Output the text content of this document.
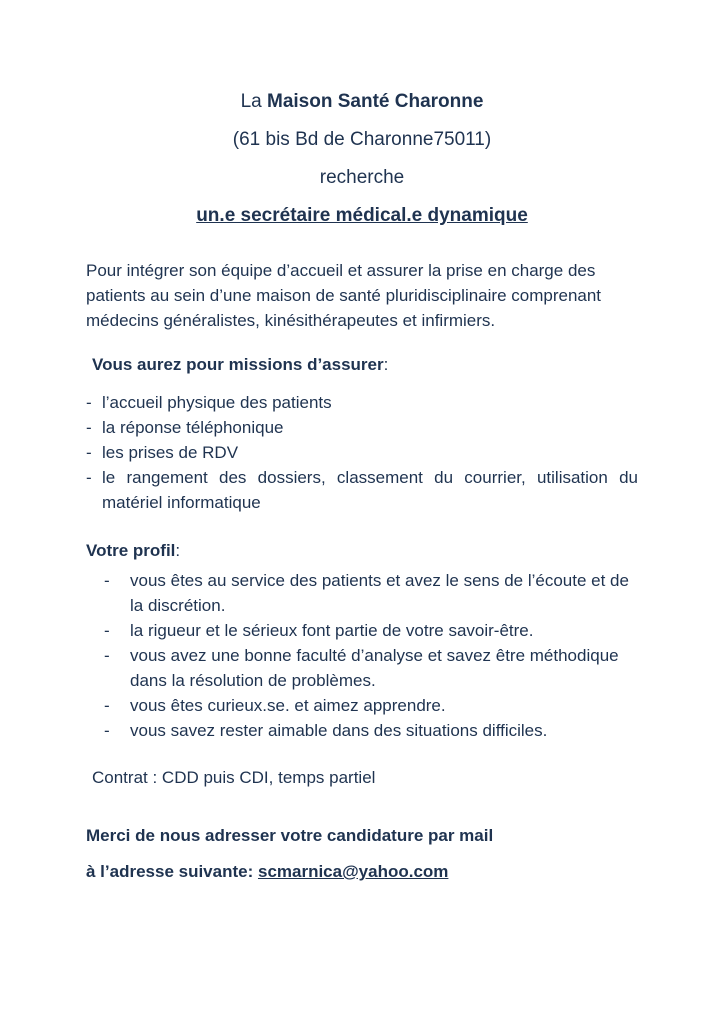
La Maison Santé Charonne
(61 bis Bd de Charonne75011)
recherche
un.e secrétaire médical.e dynamique

Pour intégrer son équipe d’accueil et assurer la prise en charge des patients au sein d’une maison de santé pluridisciplinaire comprenant médecins généralistes, kinésithérapeutes et infirmiers.

Vous aurez pour missions d’assurer:
- l’accueil physique des patients
- la réponse téléphonique
- les prises de RDV
- le rangement des dossiers, classement du courrier, utilisation du matériel informatique
Votre profil:
- vous êtes au service des patients et avez le sens de l’écoute et de la discrétion.
- la rigueur et le sérieux font partie de votre savoir-être.
- vous avez une bonne faculté d’analyse et savez être méthodique dans la résolution de problèmes.
- vous êtes curieux.se. et aimez apprendre.
- vous savez rester aimable dans des situations difficiles.
Contrat : CDD puis CDI, temps partiel
Merci de nous adresser votre candidature par mail
à l’adresse suivante: scmarnica@yahoo.com
